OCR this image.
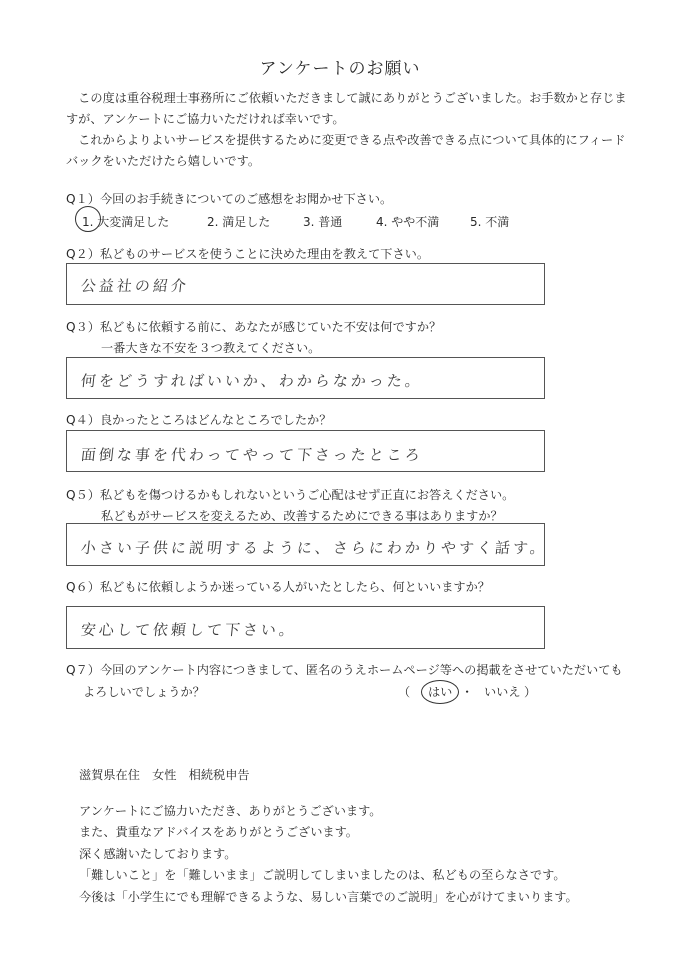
アンケートのお願い
　この度は重谷税理士事務所にご依頼いただきまして誠にありがとうございました。お手数かと存じま
すが、アンケートにご協力いただければ幸いです。
　これからよりよいサービスを提供するために変更できる点や改善できる点について具体的にフィード
バックをいただけたら嬉しいです。
Q１）今回のお手続きについてのご感想をお聞かせ下さい。
1. 大変満足した	2. 満足した	3. 普通	4. やや不満	5. 不満
Q２）私どものサービスを使うことに決めた理由を教えて下さい。
公益社の紹介
Q３）私どもに依頼する前に、あなたが感じていた不安は何ですか？
一番大きな不安を３つ教えてください。
何をどうすればいいか、わからなかった。
Q４）良かったところはどんなところでしたか？
面倒な事を代わってやって下さったところ
Q５）私どもを傷つけるかもしれないというご心配はせず正直にお答えください。
私どもがサービスを変えるため、改善するためにできる事はありますか？
小さい子供に説明するように、さらにわかりやすく話す。
Q６）私どもに依頼しようか迷っている人がいたとしたら、何といいますか？
安心して依頼して下さい。
Q７）今回のアンケート内容につきまして、匿名のうえホームページ等への掲載をさせていただいても
よろしいでしょうか？	（ はい ・ いいえ ）
滋賀県在住　女性　相続税申告
アンケートにご協力いただき、ありがとうございます。
また、貴重なアドバイスをありがとうございます。
深く感謝いたしております。
「難しいこと」を「難しいまま」ご説明してしまいましたのは、私どもの至らなさです。
今後は「小学生にでも理解できるような、易しい言葉でのご説明」を心がけてまいります。
